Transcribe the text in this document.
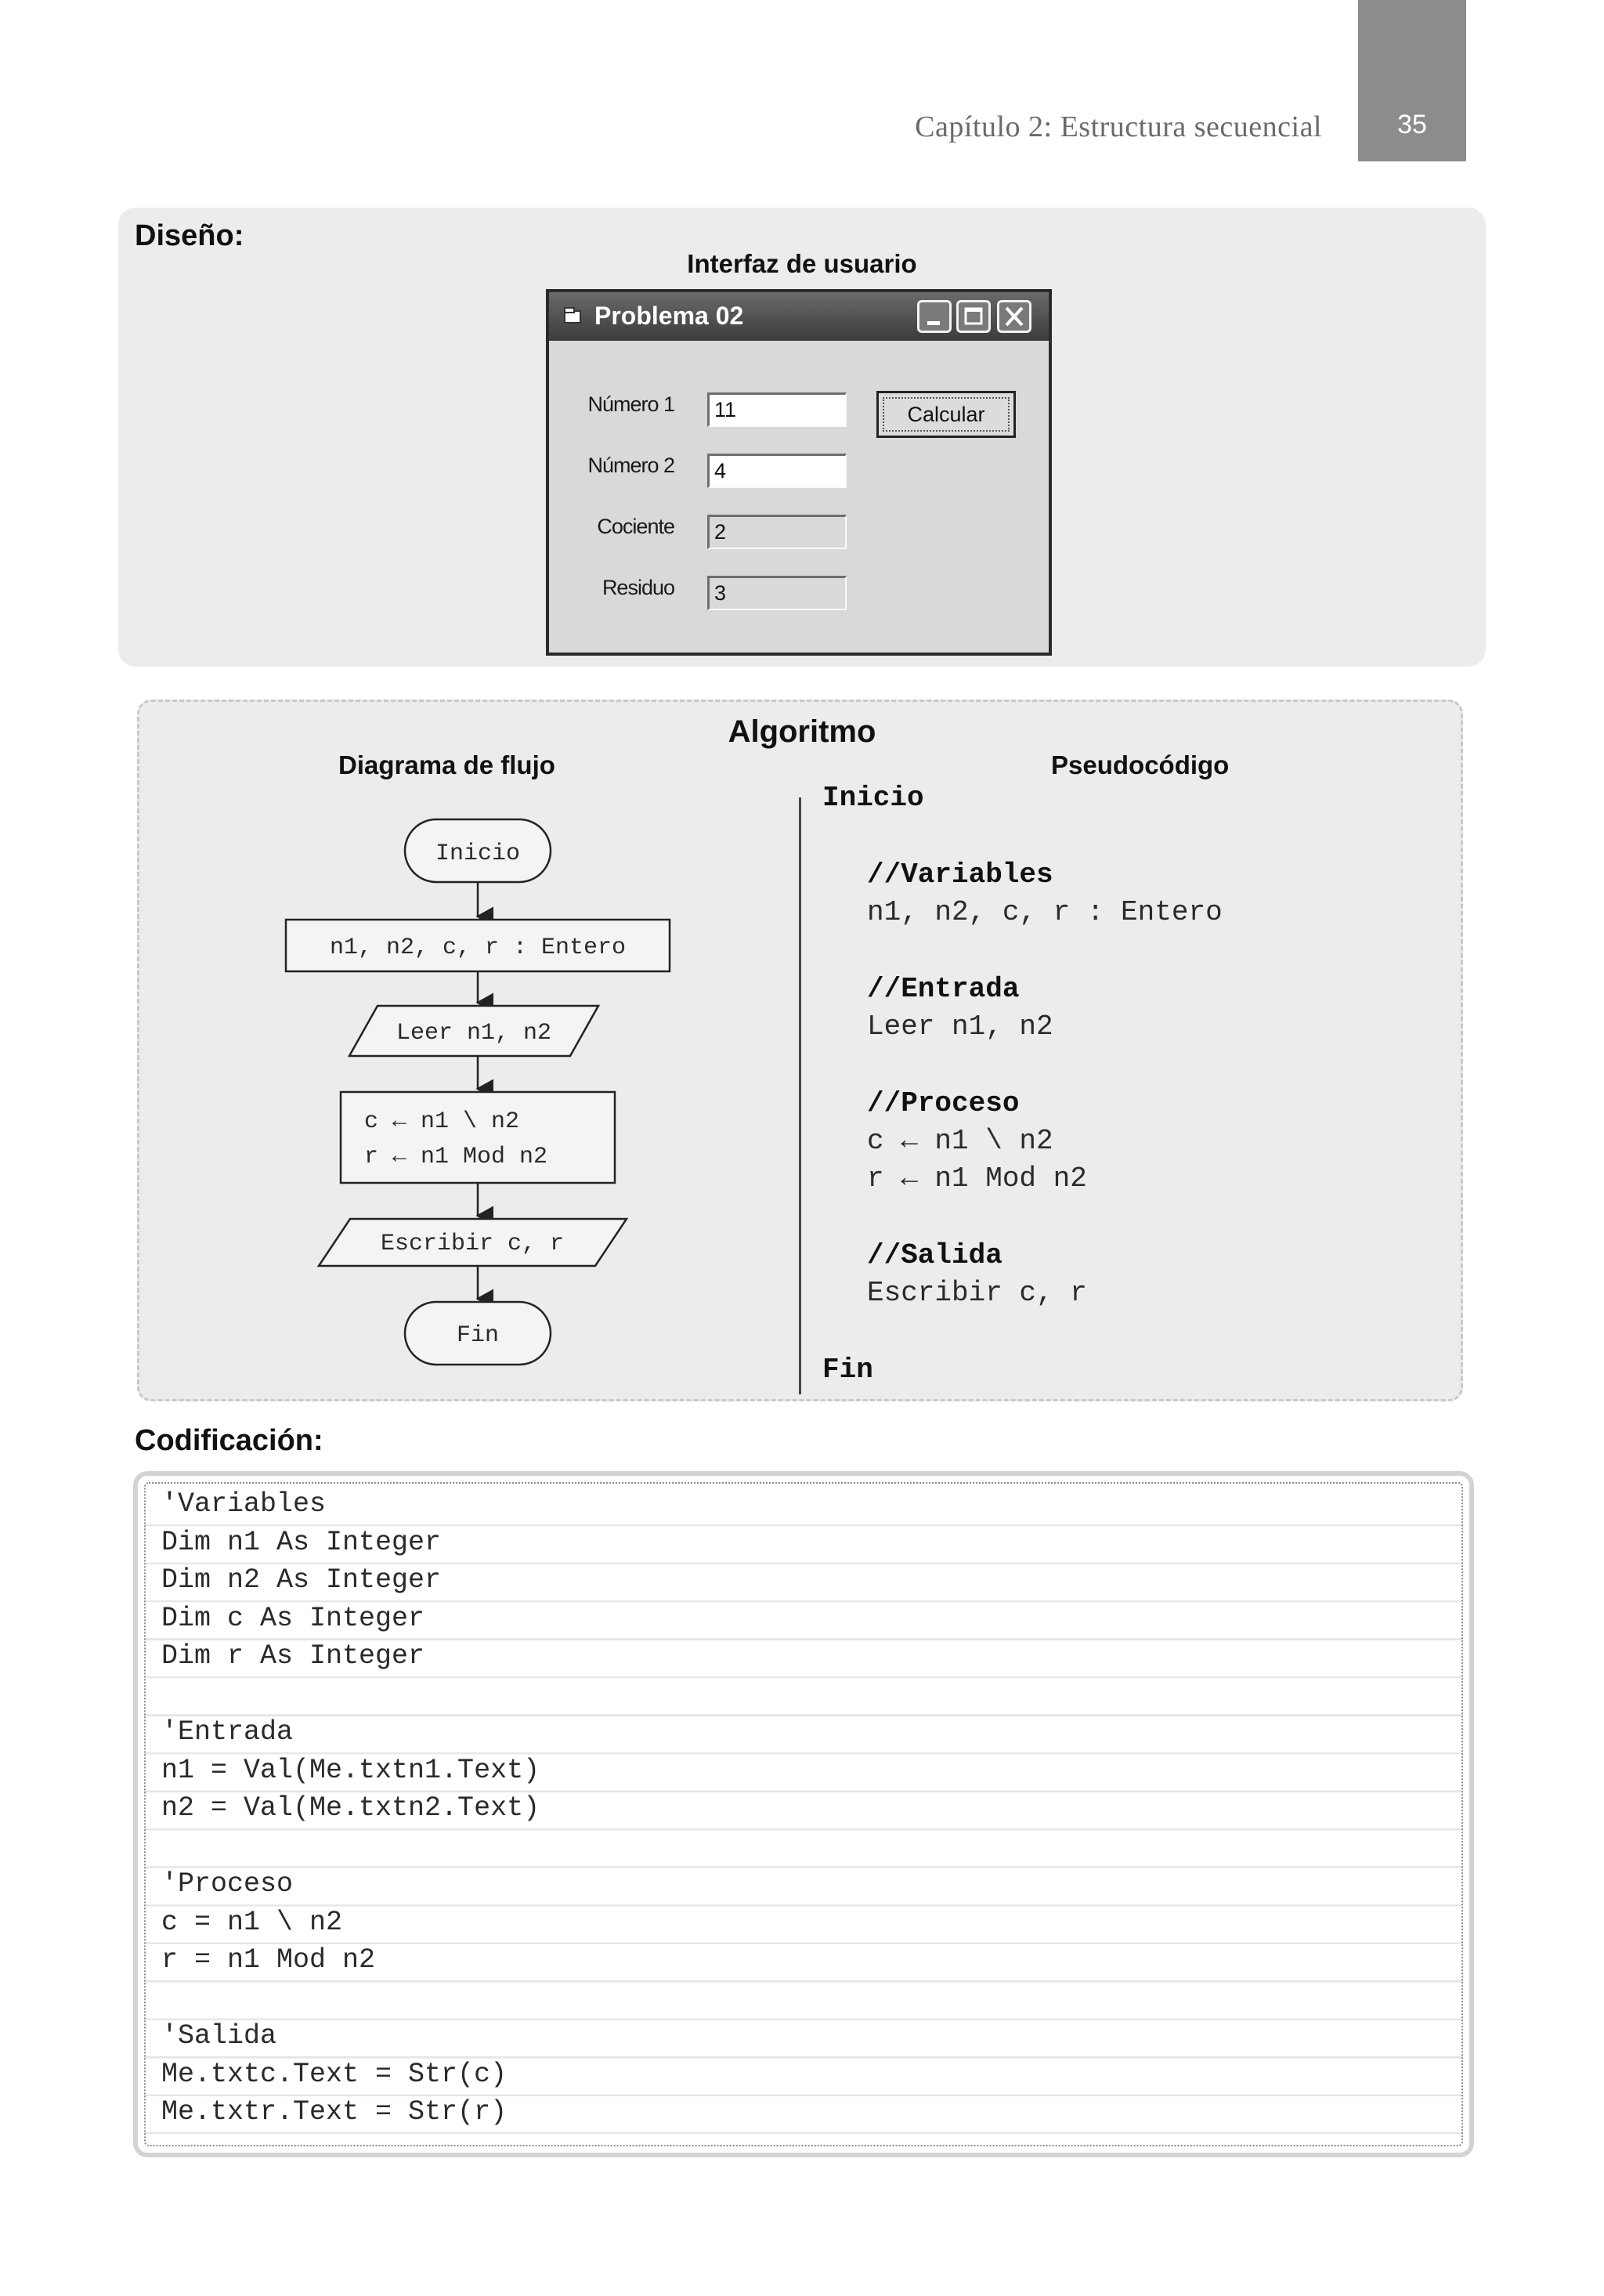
35
Capítulo 2: Estructura secuencial
Diseño:
Interfaz de usuario
Problema 02
Número 1	11
Número 2	4
Cociente	2
Residuo	3
Calcular
Algoritmo
Diagrama de flujo	Pseudocódigo
Inicio
n1, n2, c, r : Entero
Leer n1, n2
c ← n1 \ n2
r ← n1 Mod n2
Escribir c, r
Fin
Inicio
//Variables
n1, n2, c, r : Entero
//Entrada
Leer n1, n2
//Proceso
c ← n1 \ n2
r ← n1 Mod n2
//Salida
Escribir c, r
Fin
Codificación:
'Variables
Dim n1 As Integer
Dim n2 As Integer
Dim c As Integer
Dim r As Integer
'Entrada
n1 = Val(Me.txtn1.Text)
n2 = Val(Me.txtn2.Text)
'Proceso
c = n1 \ n2
r = n1 Mod n2
'Salida
Me.txtc.Text = Str(c)
Me.txtr.Text = Str(r)
